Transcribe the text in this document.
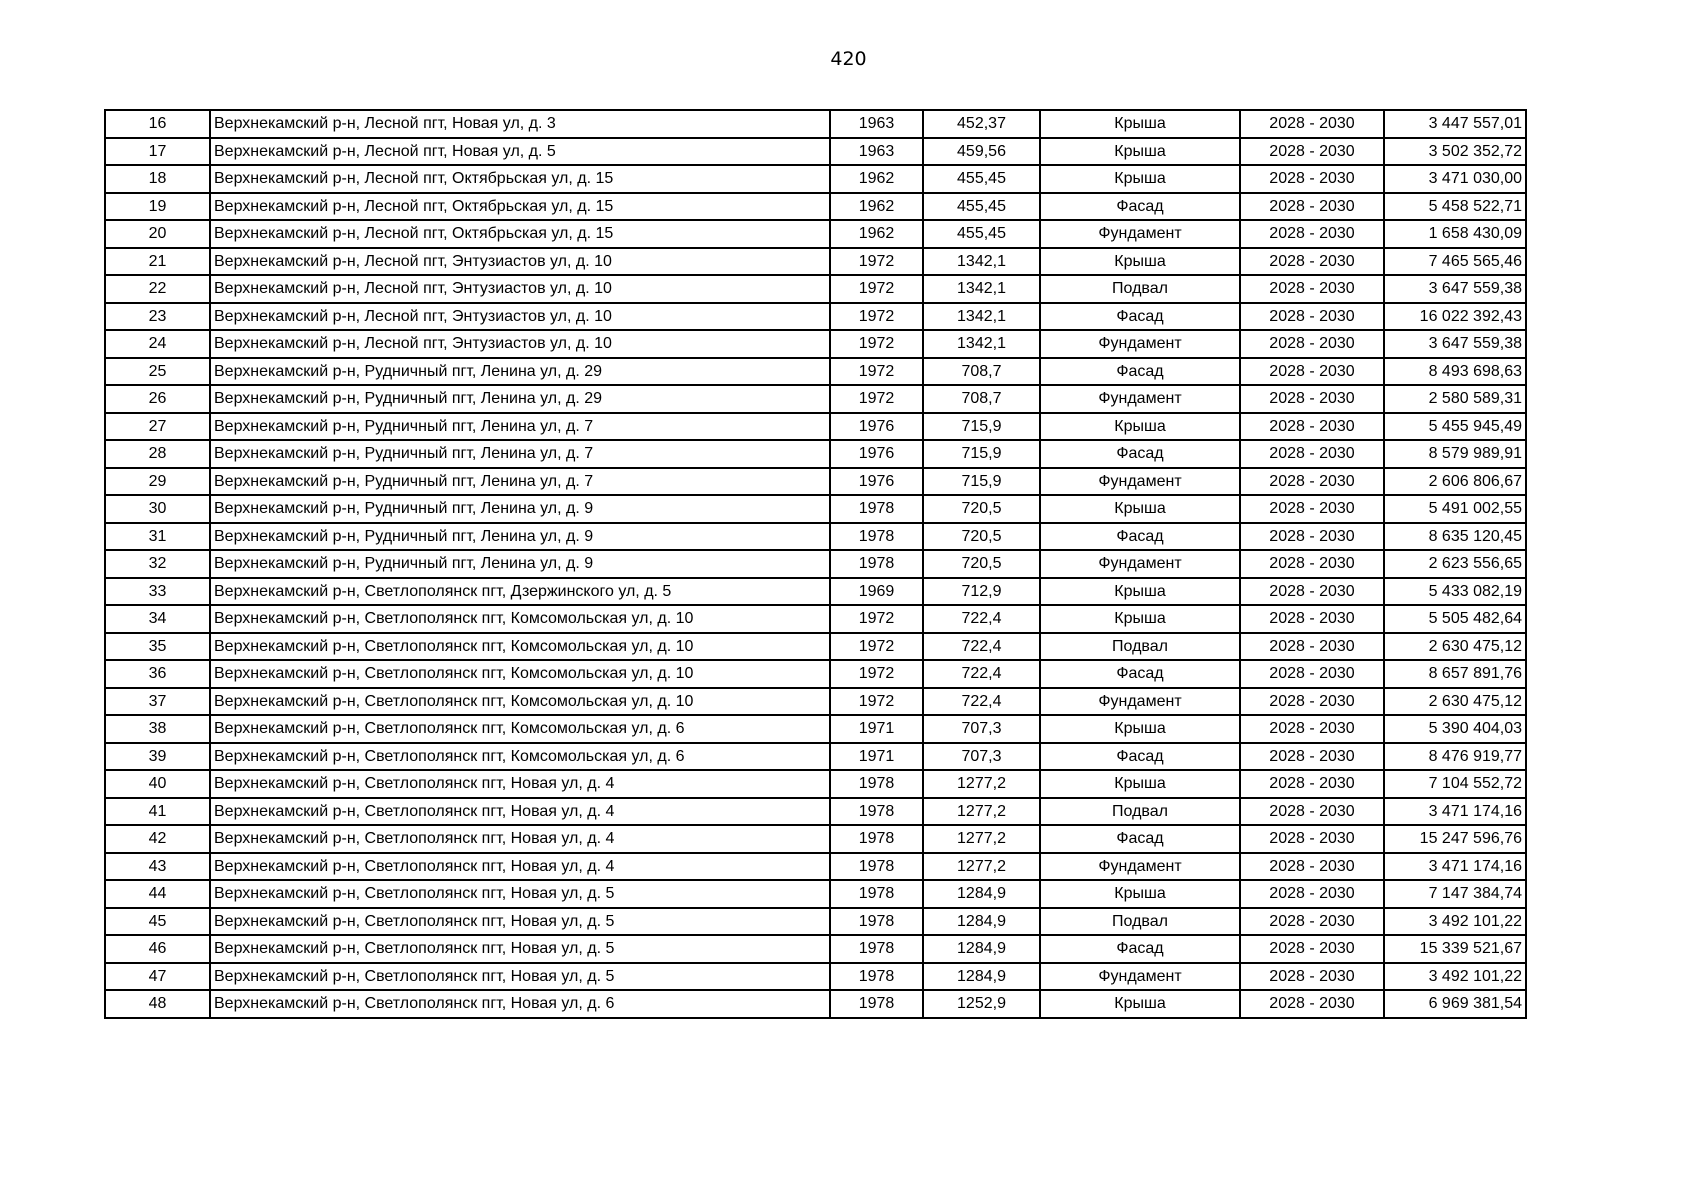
420
16	Верхнекамский р-н, Лесной пгт, Новая ул, д. 3	1963	452,37	Крыша	2028 - 2030	3 447 557,01
17	Верхнекамский р-н, Лесной пгт, Новая ул, д. 5	1963	459,56	Крыша	2028 - 2030	3 502 352,72
18	Верхнекамский р-н, Лесной пгт, Октябрьская ул, д. 15	1962	455,45	Крыша	2028 - 2030	3 471 030,00
19	Верхнекамский р-н, Лесной пгт, Октябрьская ул, д. 15	1962	455,45	Фасад	2028 - 2030	5 458 522,71
20	Верхнекамский р-н, Лесной пгт, Октябрьская ул, д. 15	1962	455,45	Фундамент	2028 - 2030	1 658 430,09
21	Верхнекамский р-н, Лесной пгт, Энтузиастов ул, д. 10	1972	1342,1	Крыша	2028 - 2030	7 465 565,46
22	Верхнекамский р-н, Лесной пгт, Энтузиастов ул, д. 10	1972	1342,1	Подвал	2028 - 2030	3 647 559,38
23	Верхнекамский р-н, Лесной пгт, Энтузиастов ул, д. 10	1972	1342,1	Фасад	2028 - 2030	16 022 392,43
24	Верхнекамский р-н, Лесной пгт, Энтузиастов ул, д. 10	1972	1342,1	Фундамент	2028 - 2030	3 647 559,38
25	Верхнекамский р-н, Рудничный пгт, Ленина ул, д. 29	1972	708,7	Фасад	2028 - 2030	8 493 698,63
26	Верхнекамский р-н, Рудничный пгт, Ленина ул, д. 29	1972	708,7	Фундамент	2028 - 2030	2 580 589,31
27	Верхнекамский р-н, Рудничный пгт, Ленина ул, д. 7	1976	715,9	Крыша	2028 - 2030	5 455 945,49
28	Верхнекамский р-н, Рудничный пгт, Ленина ул, д. 7	1976	715,9	Фасад	2028 - 2030	8 579 989,91
29	Верхнекамский р-н, Рудничный пгт, Ленина ул, д. 7	1976	715,9	Фундамент	2028 - 2030	2 606 806,67
30	Верхнекамский р-н, Рудничный пгт, Ленина ул, д. 9	1978	720,5	Крыша	2028 - 2030	5 491 002,55
31	Верхнекамский р-н, Рудничный пгт, Ленина ул, д. 9	1978	720,5	Фасад	2028 - 2030	8 635 120,45
32	Верхнекамский р-н, Рудничный пгт, Ленина ул, д. 9	1978	720,5	Фундамент	2028 - 2030	2 623 556,65
33	Верхнекамский р-н, Светлополянск пгт, Дзержинского ул, д. 5	1969	712,9	Крыша	2028 - 2030	5 433 082,19
34	Верхнекамский р-н, Светлополянск пгт, Комсомольская ул, д. 10	1972	722,4	Крыша	2028 - 2030	5 505 482,64
35	Верхнекамский р-н, Светлополянск пгт, Комсомольская ул, д. 10	1972	722,4	Подвал	2028 - 2030	2 630 475,12
36	Верхнекамский р-н, Светлополянск пгт, Комсомольская ул, д. 10	1972	722,4	Фасад	2028 - 2030	8 657 891,76
37	Верхнекамский р-н, Светлополянск пгт, Комсомольская ул, д. 10	1972	722,4	Фундамент	2028 - 2030	2 630 475,12
38	Верхнекамский р-н, Светлополянск пгт, Комсомольская ул, д. 6	1971	707,3	Крыша	2028 - 2030	5 390 404,03
39	Верхнекамский р-н, Светлополянск пгт, Комсомольская ул, д. 6	1971	707,3	Фасад	2028 - 2030	8 476 919,77
40	Верхнекамский р-н, Светлополянск пгт, Новая ул, д. 4	1978	1277,2	Крыша	2028 - 2030	7 104 552,72
41	Верхнекамский р-н, Светлополянск пгт, Новая ул, д. 4	1978	1277,2	Подвал	2028 - 2030	3 471 174,16
42	Верхнекамский р-н, Светлополянск пгт, Новая ул, д. 4	1978	1277,2	Фасад	2028 - 2030	15 247 596,76
43	Верхнекамский р-н, Светлополянск пгт, Новая ул, д. 4	1978	1277,2	Фундамент	2028 - 2030	3 471 174,16
44	Верхнекамский р-н, Светлополянск пгт, Новая ул, д. 5	1978	1284,9	Крыша	2028 - 2030	7 147 384,74
45	Верхнекамский р-н, Светлополянск пгт, Новая ул, д. 5	1978	1284,9	Подвал	2028 - 2030	3 492 101,22
46	Верхнекамский р-н, Светлополянск пгт, Новая ул, д. 5	1978	1284,9	Фасад	2028 - 2030	15 339 521,67
47	Верхнекамский р-н, Светлополянск пгт, Новая ул, д. 5	1978	1284,9	Фундамент	2028 - 2030	3 492 101,22
48	Верхнекамский р-н, Светлополянск пгт, Новая ул, д. 6	1978	1252,9	Крыша	2028 - 2030	6 969 381,54
